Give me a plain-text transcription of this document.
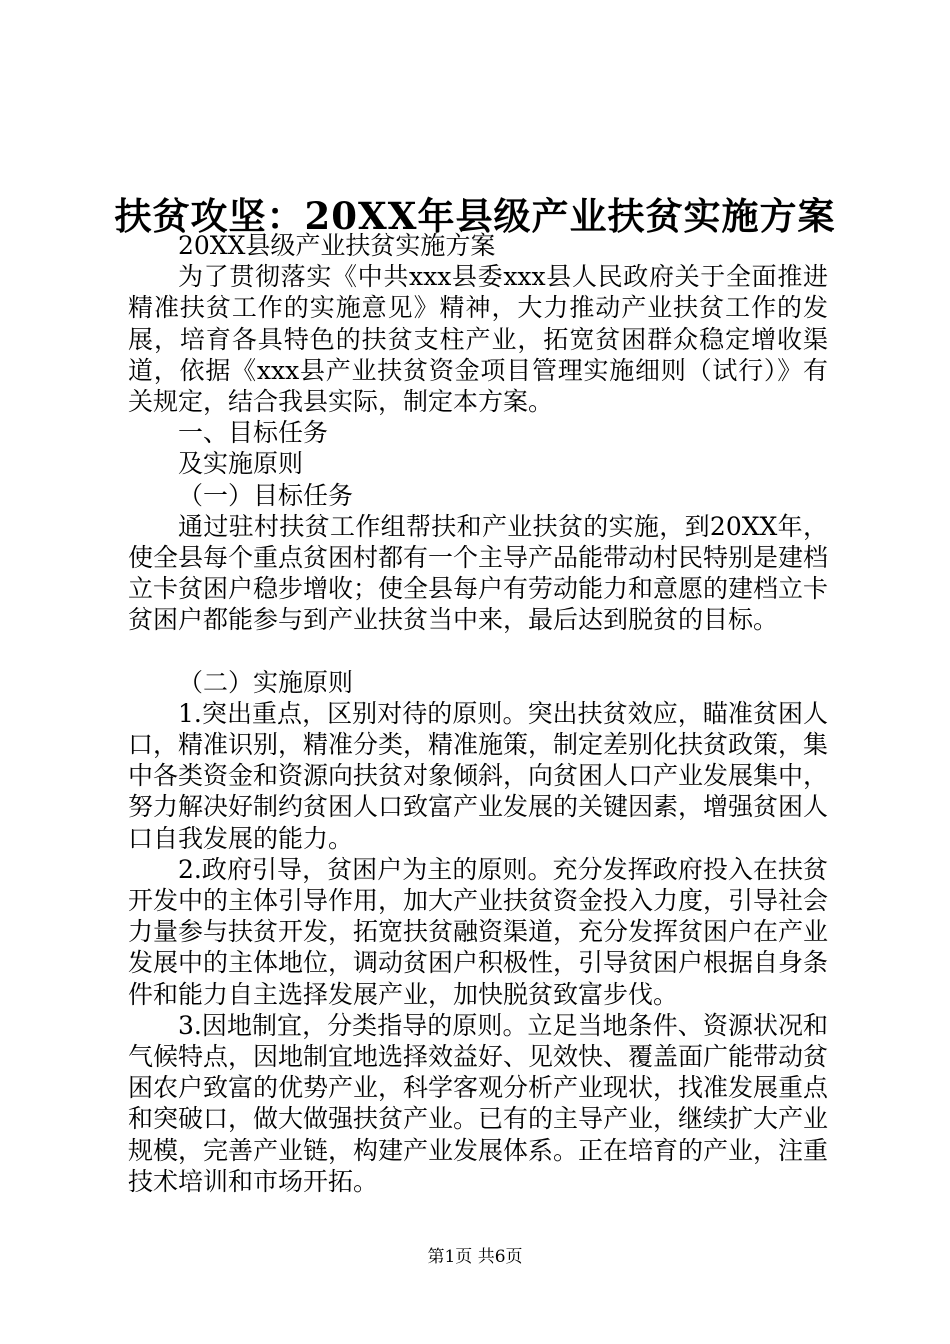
扶贫攻坚：20XX年县级产业扶贫实施方案

20XX县级产业扶贫实施方案

为了贯彻落实《中共xxx县委xxx县人民政府关于全面推进精准扶贫工作的实施意见》精神，大力推动产业扶贫工作的发展，培育各具特色的扶贫支柱产业，拓宽贫困群众稳定增收渠道，依据《xxx县产业扶贫资金项目管理实施细则（试行）》有关规定，结合我县实际，制定本方案。

一、目标任务

及实施原则

（一）目标任务

通过驻村扶贫工作组帮扶和产业扶贫的实施，到20XX年，使全县每个重点贫困村都有一个主导产品能带动村民特别是建档立卡贫困户稳步增收；使全县每户有劳动能力和意愿的建档立卡贫困户都能参与到产业扶贫当中来，最后达到脱贫的目标。

（二）实施原则

1.突出重点，区别对待的原则。突出扶贫效应，瞄准贫困人口，精准识别，精准分类，精准施策，制定差别化扶贫政策，集中各类资金和资源向扶贫对象倾斜，向贫困人口产业发展集中，努力解决好制约贫困人口致富产业发展的关键因素，增强贫困人口自我发展的能力。

2.政府引导，贫困户为主的原则。充分发挥政府投入在扶贫开发中的主体引导作用，加大产业扶贫资金投入力度，引导社会力量参与扶贫开发，拓宽扶贫融资渠道，充分发挥贫困户在产业发展中的主体地位，调动贫困户积极性，引导贫困户根据自身条件和能力自主选择发展产业，加快脱贫致富步伐。

3.因地制宜，分类指导的原则。立足当地条件、资源状况和气候特点，因地制宜地选择效益好、见效快、覆盖面广能带动贫困农户致富的优势产业，科学客观分析产业现状，找准发展重点和突破口，做大做强扶贫产业。已有的主导产业，继续扩大产业规模，完善产业链，构建产业发展体系。正在培育的产业，注重技术培训和市场开拓。

第1页 共6页
